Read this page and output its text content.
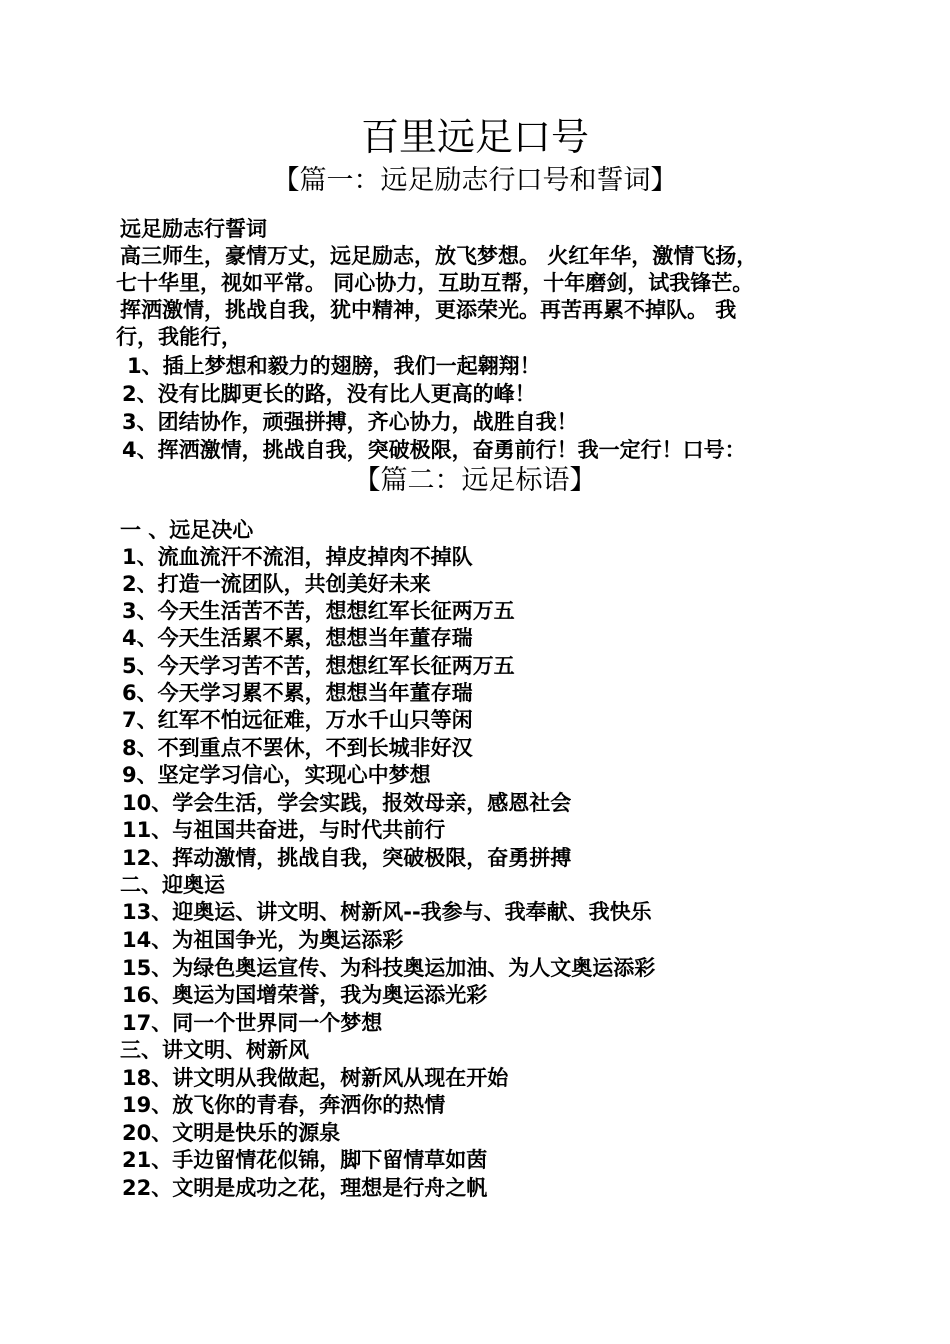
百里远足口号
【篇一：远足励志行口号和誓词】
远足励志行誓词
高三师生，豪情万丈，远足励志，放飞梦想。 火红年华，激情飞扬，
七十华里，视如平常。 同心协力，互助互帮，十年磨剑，试我锋芒。
挥洒激情，挑战自我，犹中精神，更添荣光。再苦再累不掉队。 我
行，我能行，
1、插上梦想和毅力的翅膀，我们一起翱翔！
2、没有比脚更长的路，没有比人更高的峰！
3、团结协作，顽强拼搏，齐心协力，战胜自我！
4、挥洒激情，挑战自我，突破极限，奋勇前行！我一定行！口号：
【篇二：远足标语】
一 、远足决心
1、流血流汗不流泪，掉皮掉肉不掉队
2、打造一流团队，共创美好未来
3、今天生活苦不苦，想想红军长征两万五
4、今天生活累不累，想想当年董存瑞
5、今天学习苦不苦，想想红军长征两万五
6、今天学习累不累，想想当年董存瑞
7、红军不怕远征难，万水千山只等闲
8、不到重点不罢休，不到长城非好汉
9、坚定学习信心，实现心中梦想
10、学会生活，学会实践，报效母亲，感恩社会
11、与祖国共奋进，与时代共前行
12、挥动激情，挑战自我，突破极限，奋勇拼搏
二、迎奥运
13、迎奥运、讲文明、树新风--我参与、我奉献、我快乐
14、为祖国争光，为奥运添彩
15、为绿色奥运宣传、为科技奥运加油、为人文奥运添彩
16、奥运为国增荣誉，我为奥运添光彩
17、同一个世界同一个梦想
三、讲文明、树新风
18、讲文明从我做起，树新风从现在开始
19、放飞你的青春，奔洒你的热情
20、文明是快乐的源泉
21、手边留情花似锦，脚下留情草如茵
22、文明是成功之花，理想是行舟之帆
